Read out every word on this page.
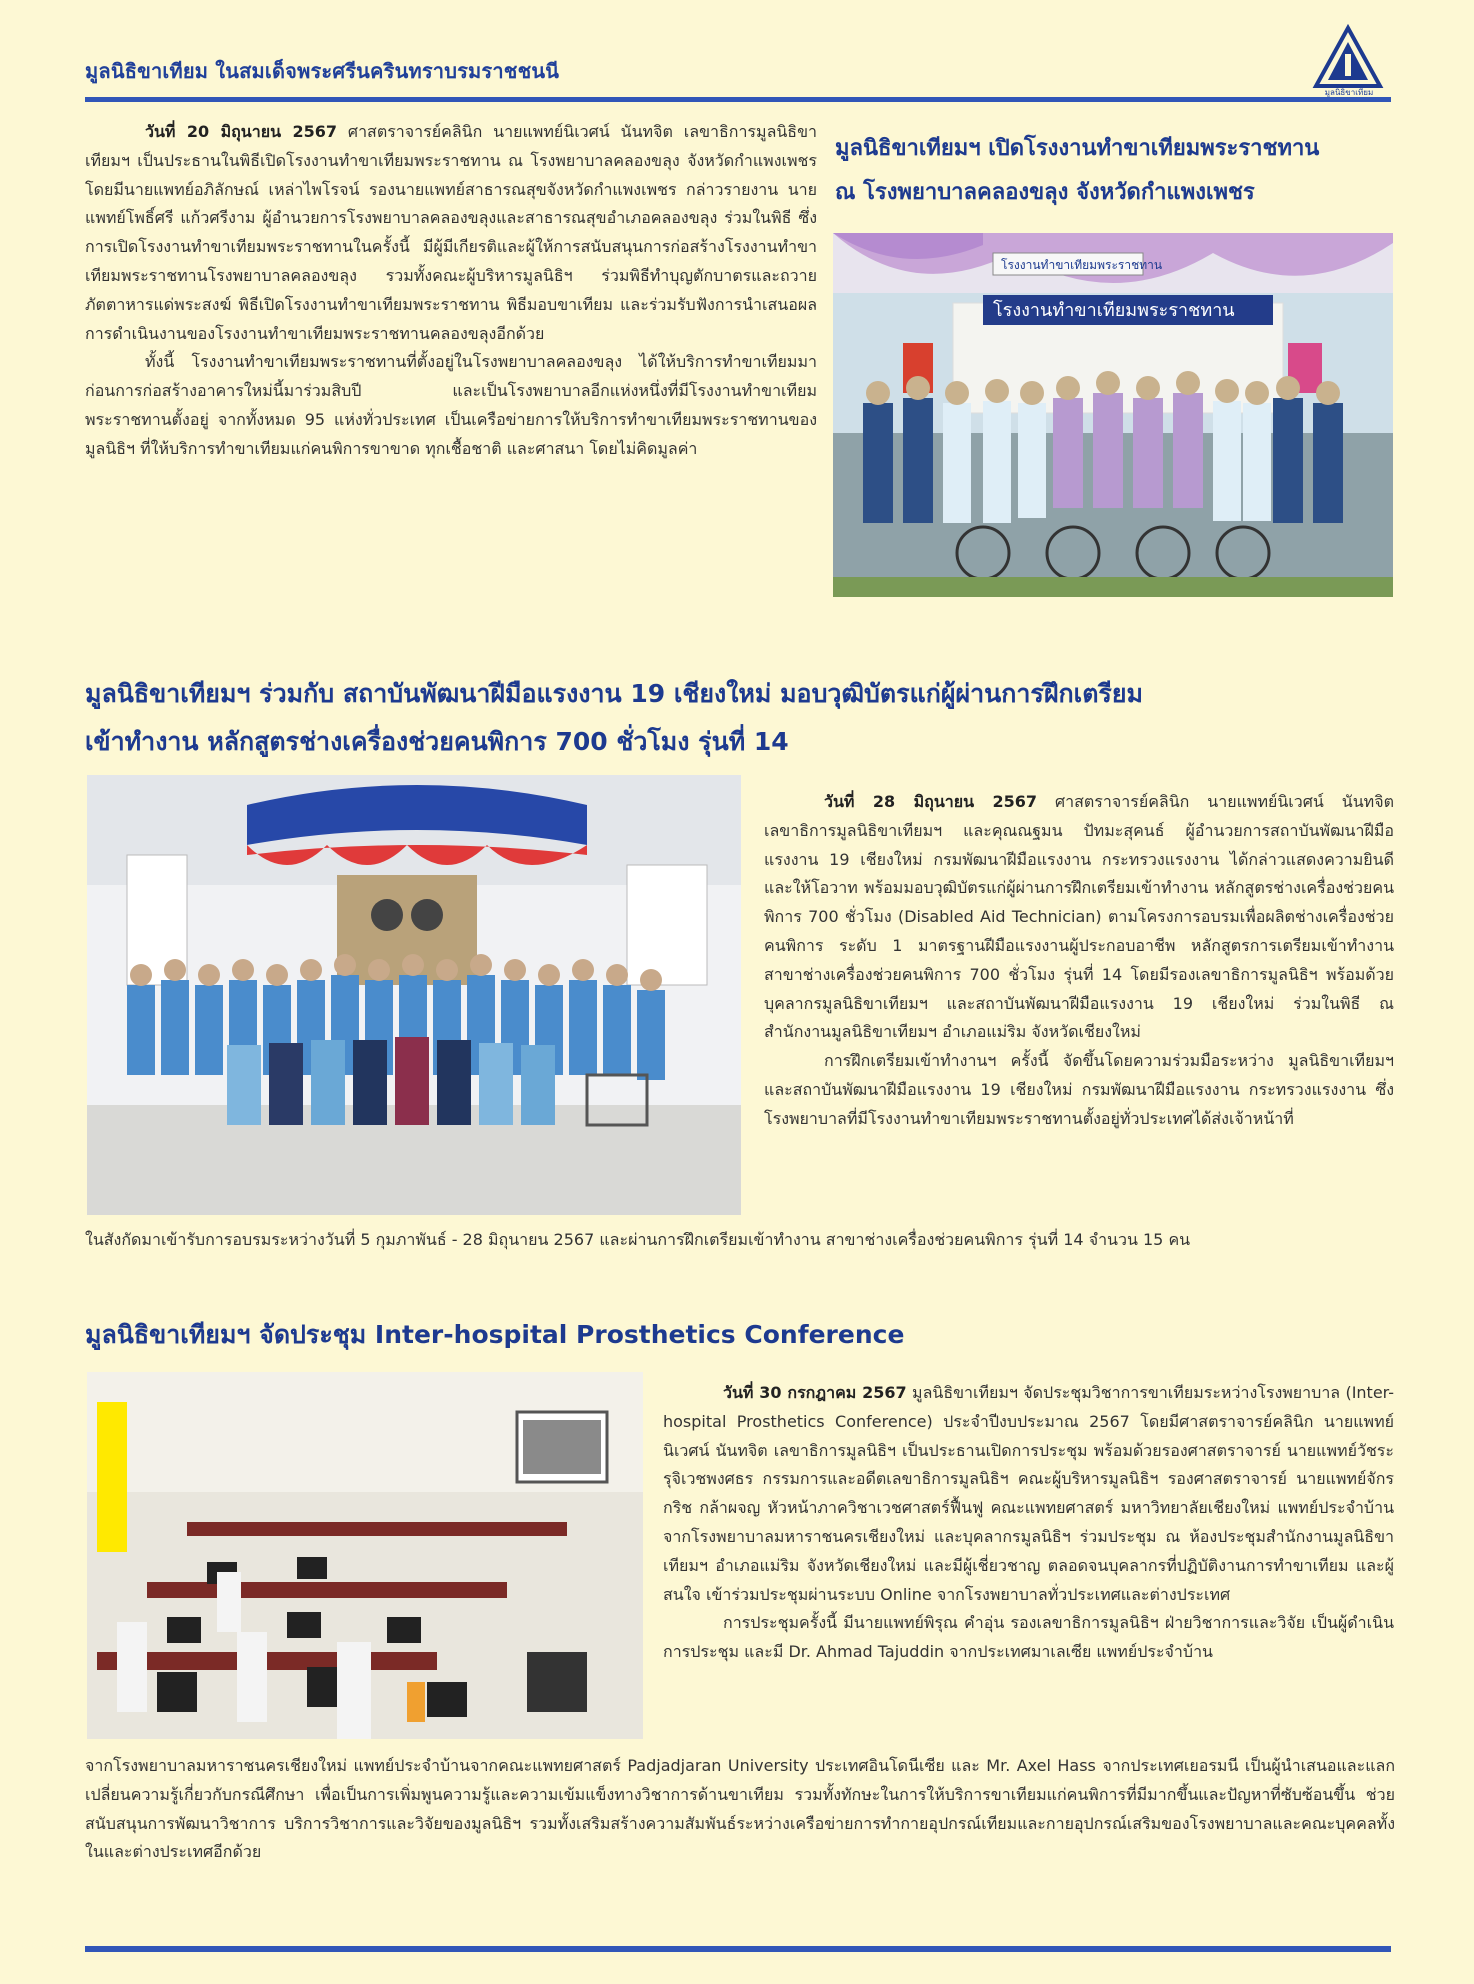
มูลนิธิขาเทียม ในสมเด็จพระศรีนครินทราบรมราชชนนี
มูลนิธิขาเทียม
มูลนิธิขาเทียมฯ เปิดโรงงานทำขาเทียมพระราชทาน
ณ โรงพยาบาลคลองขลุง จังหวัดกำแพงเพชร
วันที่ 20 มิถุนายน 2567 ศาสตราจารย์คลินิก นายแพทย์นิเวศน์ นันทจิต เลขาธิการมูลนิธิขาเทียมฯ เป็นประธานในพิธีเปิดโรงงานทำขาเทียมพระราชทาน ณ โรงพยาบาลคลองขลุง จังหวัดกำแพงเพชร โดยมีนายแพทย์อภิลักษณ์ เหล่าไพโรจน์ รองนายแพทย์สาธารณสุขจังหวัดกำแพงเพชร กล่าวรายงาน นายแพทย์โพธิ์ศรี แก้วศรีงาม ผู้อำนวยการโรงพยาบาลคลองขลุงและสาธารณสุขอำเภอคลองขลุง ร่วมในพิธี ซึ่งการเปิดโรงงานทำขาเทียมพระราชทานในครั้งนี้ มีผู้มีเกียรติและผู้ให้การสนับสนุนการก่อสร้างโรงงานทำขาเทียมพระราชทานโรงพยาบาลคลองขลุง รวมทั้งคณะผู้บริหารมูลนิธิฯ ร่วมพิธีทำบุญตักบาตรและถวายภัตตาหารแด่พระสงฆ์ พิธีเปิดโรงงานทำขาเทียมพระราชทาน พิธีมอบขาเทียม และร่วมรับฟังการนำเสนอผลการดำเนินงานของโรงงานทำขาเทียมพระราชทานคลองขลุงอีกด้วย
ทั้งนี้ โรงงานทำขาเทียมพระราชทานที่ตั้งอยู่ในโรงพยาบาลคลองขลุง ได้ให้บริการทำขาเทียมมาก่อนการก่อสร้างอาคารใหม่นี้มาร่วมสิบปี และเป็นโรงพยาบาลอีกแห่งหนึ่งที่มีโรงงานทำขาเทียมพระราชทานตั้งอยู่ จากทั้งหมด 95 แห่งทั่วประเทศ เป็นเครือข่ายการให้บริการทำขาเทียมพระราชทานของมูลนิธิฯ ที่ให้บริการทำขาเทียมแก่คนพิการขาขาด ทุกเชื้อชาติ และศาสนา โดยไม่คิดมูลค่า
โรงงานทำขาเทียมพระราชทาน
โรงงานทำขาเทียมพระราชทาน
มูลนิธิขาเทียมฯ ร่วมกับ สถาบันพัฒนาฝีมือแรงงาน 19 เชียงใหม่ มอบวุฒิบัตรแก่ผู้ผ่านการฝึกเตรียม
เข้าทำงาน หลักสูตรช่างเครื่องช่วยคนพิการ 700 ชั่วโมง รุ่นที่ 14
วันที่ 28 มิถุนายน 2567 ศาสตราจารย์คลินิก นายแพทย์นิเวศน์ นันทจิต เลขาธิการมูลนิธิขาเทียมฯ และคุณณฐมน ปัทมะสุคนธ์ ผู้อำนวยการสถาบันพัฒนาฝีมือแรงงาน 19 เชียงใหม่ กรมพัฒนาฝีมือแรงงาน กระทรวงแรงงาน ได้กล่าวแสดงความยินดีและให้โอวาท พร้อมมอบวุฒิบัตรแก่ผู้ผ่านการฝึกเตรียมเข้าทำงาน หลักสูตรช่างเครื่องช่วยคนพิการ 700 ชั่วโมง (Disabled Aid Technician) ตามโครงการอบรมเพื่อผลิตช่างเครื่องช่วยคนพิการ ระดับ 1 มาตรฐานฝีมือแรงงานผู้ประกอบอาชีพ หลักสูตรการเตรียมเข้าทำงาน สาขาช่างเครื่องช่วยคนพิการ 700 ชั่วโมง รุ่นที่ 14 โดยมีรองเลขาธิการมูลนิธิฯ พร้อมด้วยบุคลากรมูลนิธิขาเทียมฯ และสถาบันพัฒนาฝีมือแรงงาน 19 เชียงใหม่ ร่วมในพิธี ณ สำนักงานมูลนิธิขาเทียมฯ อำเภอแม่ริม จังหวัดเชียงใหม่
การฝึกเตรียมเข้าทำงานฯ ครั้งนี้ จัดขึ้นโดยความร่วมมือระหว่าง มูลนิธิขาเทียมฯ และสถาบันพัฒนาฝีมือแรงงาน 19 เชียงใหม่ กรมพัฒนาฝีมือแรงงาน กระทรวงแรงงาน ซึ่งโรงพยาบาลที่มีโรงงานทำขาเทียมพระราชทานตั้งอยู่ทั่วประเทศได้ส่งเจ้าหน้าที่
ในสังกัดมาเข้ารับการอบรมระหว่างวันที่ 5 กุมภาพันธ์ - 28 มิถุนายน 2567 และผ่านการฝึกเตรียมเข้าทำงาน สาขาช่างเครื่องช่วยคนพิการ รุ่นที่ 14 จำนวน 15 คน
มูลนิธิขาเทียมฯ จัดประชุม Inter-hospital Prosthetics Conference
วันที่ 30 กรกฎาคม 2567 มูลนิธิขาเทียมฯ จัดประชุมวิชาการขาเทียมระหว่างโรงพยาบาล (Inter-hospital Prosthetics Conference) ประจำปีงบประมาณ 2567 โดยมีศาสตราจารย์คลินิก นายแพทย์นิเวศน์ นันทจิต เลขาธิการมูลนิธิฯ เป็นประธานเปิดการประชุม พร้อมด้วยรองศาสตราจารย์ นายแพทย์วัชระ รุจิเวชพงศธร กรรมการและอดีตเลขาธิการมูลนิธิฯ คณะผู้บริหารมูลนิธิฯ รองศาสตราจารย์ นายแพทย์จักรกริช กล้าผจญ หัวหน้าภาควิชาเวชศาสตร์ฟื้นฟู คณะแพทยศาสตร์ มหาวิทยาลัยเชียงใหม่ แพทย์ประจำบ้านจากโรงพยาบาลมหาราชนครเชียงใหม่ และบุคลากรมูลนิธิฯ ร่วมประชุม ณ ห้องประชุมสำนักงานมูลนิธิขาเทียมฯ อำเภอแม่ริม จังหวัดเชียงใหม่ และมีผู้เชี่ยวชาญ ตลอดจนบุคลากรที่ปฏิบัติงานการทำขาเทียม และผู้สนใจ เข้าร่วมประชุมผ่านระบบ Online จากโรงพยาบาลทั่วประเทศและต่างประเทศ
การประชุมครั้งนี้ มีนายแพทย์พิรุณ คำอุ่น รองเลขาธิการมูลนิธิฯ ฝ่ายวิชาการและวิจัย เป็นผู้ดำเนินการประชุม และมี Dr. Ahmad Tajuddin จากประเทศมาเลเซีย แพทย์ประจำบ้าน
จากโรงพยาบาลมหาราชนครเชียงใหม่ แพทย์ประจำบ้านจากคณะแพทยศาสตร์ Padjadjaran University ประเทศอินโดนีเซีย และ Mr. Axel Hass จากประเทศเยอรมนี เป็นผู้นำเสนอและแลกเปลี่ยนความรู้เกี่ยวกับกรณีศึกษา เพื่อเป็นการเพิ่มพูนความรู้และความเข้มแข็งทางวิชาการด้านขาเทียม รวมทั้งทักษะในการให้บริการขาเทียมแก่คนพิการที่มีมากขึ้นและปัญหาที่ซับซ้อนขึ้น ช่วยสนับสนุนการพัฒนาวิชาการ บริการวิชาการและวิจัยของมูลนิธิฯ รวมทั้งเสริมสร้างความสัมพันธ์ระหว่างเครือข่ายการทำกายอุปกรณ์เทียมและกายอุปกรณ์เสริมของโรงพยาบาลและคณะบุคคลทั้งในและต่างประเทศอีกด้วย
